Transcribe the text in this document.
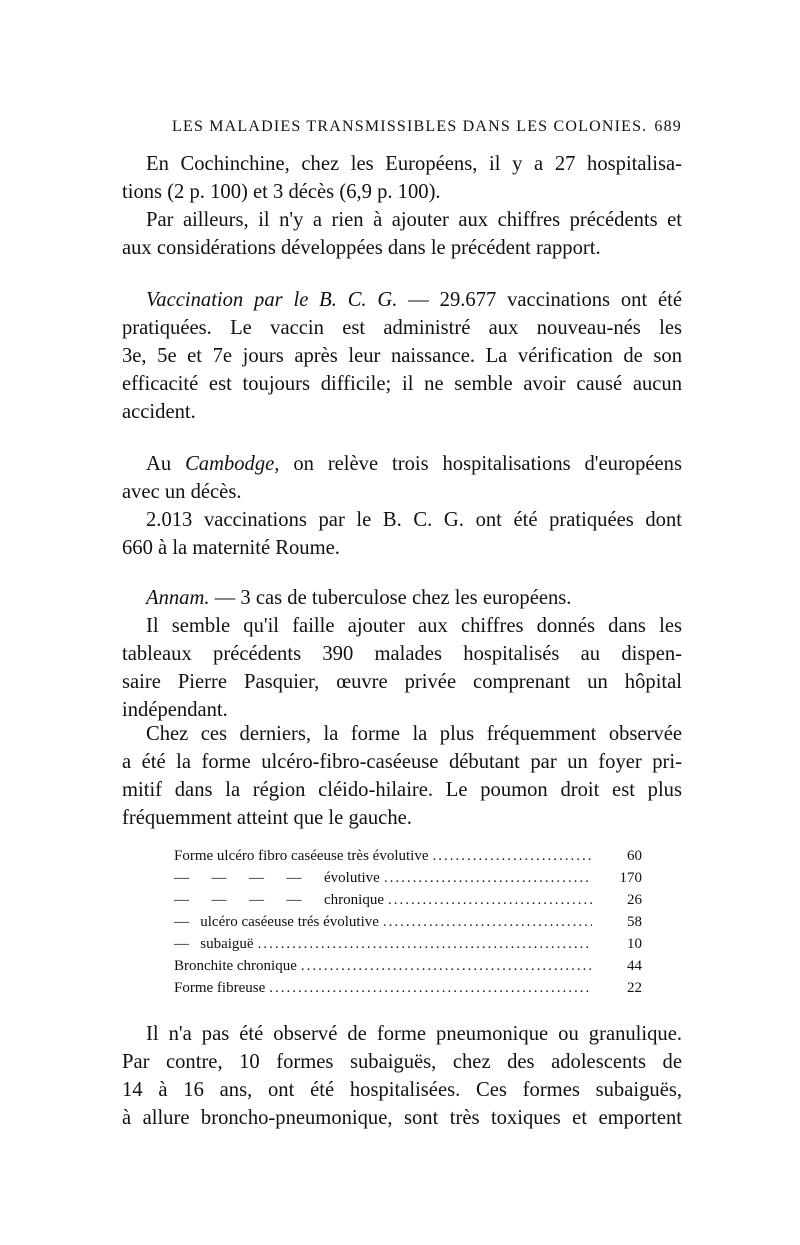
LES MALADIES TRANSMISSIBLES DANS LES COLONIES. 689
En Cochinchine, chez les Européens, il y a 27 hospitalisa-
tions (2 p. 100) et 3 décès (6,9 p. 100).
Par ailleurs, il n'y a rien à ajouter aux chiffres précédents et
aux considérations développées dans le précédent rapport.
Vaccination par le B. C. G. — 29.677 vaccinations ont été
pratiquées. Le vaccin est administré aux nouveau-nés les
3e, 5e et 7e jours après leur naissance. La vérification de son
efficacité est toujours difficile; il ne semble avoir causé aucun
accident.
Au Cambodge, on relève trois hospitalisations d'européens
avec un décès.
2.013 vaccinations par le B. C. G. ont été pratiquées dont
660 à la maternité Roume.
Annam. — 3 cas de tuberculose chez les européens.
Il semble qu'il faille ajouter aux chiffres donnés dans les
tableaux précédents 390 malades hospitalisés au dispen-
saire Pierre Pasquier, œuvre privée comprenant un hôpital
indépendant.
Chez ces derniers, la forme la plus fréquemment observée
a été la forme ulcéro-fibro-caséeuse débutant par un foyer pri-
mitif dans la région cléido-hilaire. Le poumon droit est plus
fréquemment atteint que le gauche.
Forme ulcéro fibro caséeuse très évolutive .....	60
—      —      —      —      évolutive .....	170
—      —      —      —      chronique .....	26
—   ulcéro caséeuse trés évolutive .....	58
—   subaiguë .....	10
Bronchite chronique .....	44
Forme fibreuse .....	22
Il n'a pas été observé de forme pneumonique ou granulique.
Par contre, 10 formes subaiguës, chez des adolescents de
14 à 16 ans, ont été hospitalisées. Ces formes subaiguës,
à allure broncho-pneumonique, sont très toxiques et emportent
